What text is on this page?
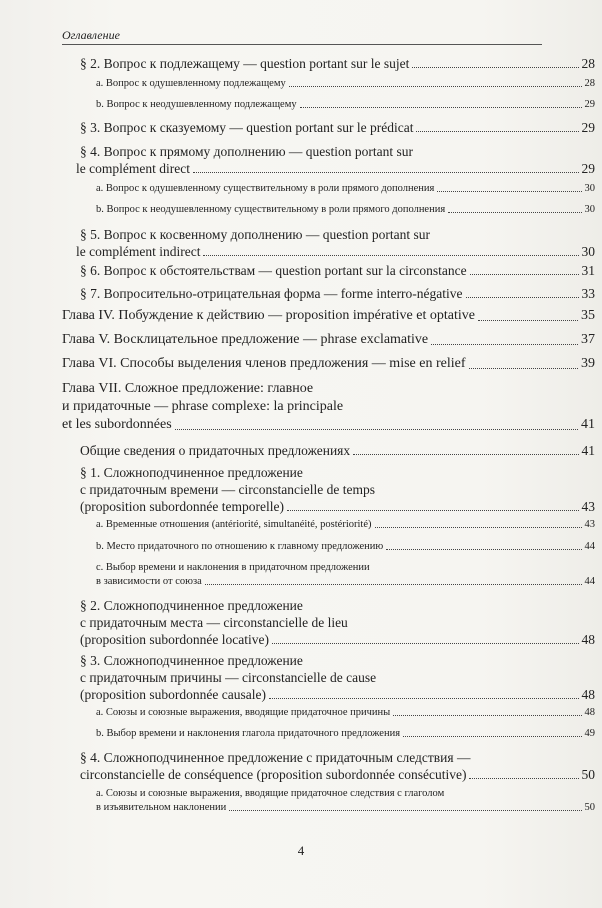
Оглавление
§ 2. Вопрос к подлежащему — question portant sur le sujet	28
a. Вопрос к одушевленному подлежащему	28
b. Вопрос к неодушевленному подлежащему	29
§ 3. Вопрос к сказуемому — question portant sur le prédicat	29
§ 4. Вопрос к прямому дополнению — question portant sur
le complément direct	29
a. Вопрос к одушевленному существительному в роли прямого дополнения	30
b. Вопрос к неодушевленному существительному в роли прямого дополнения	30
§ 5. Вопрос к косвенному дополнению — question portant sur
le complément indirect	30
§ 6. Вопрос к обстоятельствам — question portant sur la circonstance	31
§ 7. Вопросительно-отрицательная форма — forme interro-négative	33
Глава IV. Побуждение к действию — proposition impérative et optative	35
Глава V. Восклицательное предложение — phrase exclamative	37
Глава VI. Способы выделения членов предложения — mise en relief	39
Глава VII. Сложное предложение: главное
и придаточные — phrase complexe: la principale
et les subordonnées	41
Общие сведения о придаточных предложениях	41
§ 1. Сложноподчиненное предложение
с придаточным времени — circonstancielle de temps
(proposition subordonnée temporelle)	43
a. Временные отношения (antériorité, simultanéité, postériorité)	43
b. Место придаточного по отношению к главному предложению	44
c. Выбор времени и наклонения в придаточном предложении
в зависимости от союза	44
§ 2. Сложноподчиненное предложение
с придаточным места — circonstancielle de lieu
(proposition subordonnée locative)	48
§ 3. Сложноподчиненное предложение
с придаточным причины — circonstancielle de cause
(proposition subordonnée causale)	48
a. Союзы и союзные выражения, вводящие придаточное причины	48
b. Выбор времени и наклонения глагола придаточного предложения	49
§ 4. Сложноподчиненное предложение с придаточным следствия —
circonstancielle de conséquence (proposition subordonnée consécutive)	50
a. Союзы и союзные выражения, вводящие придаточное следствия с глаголом
в изъявительном наклонении	50
4
